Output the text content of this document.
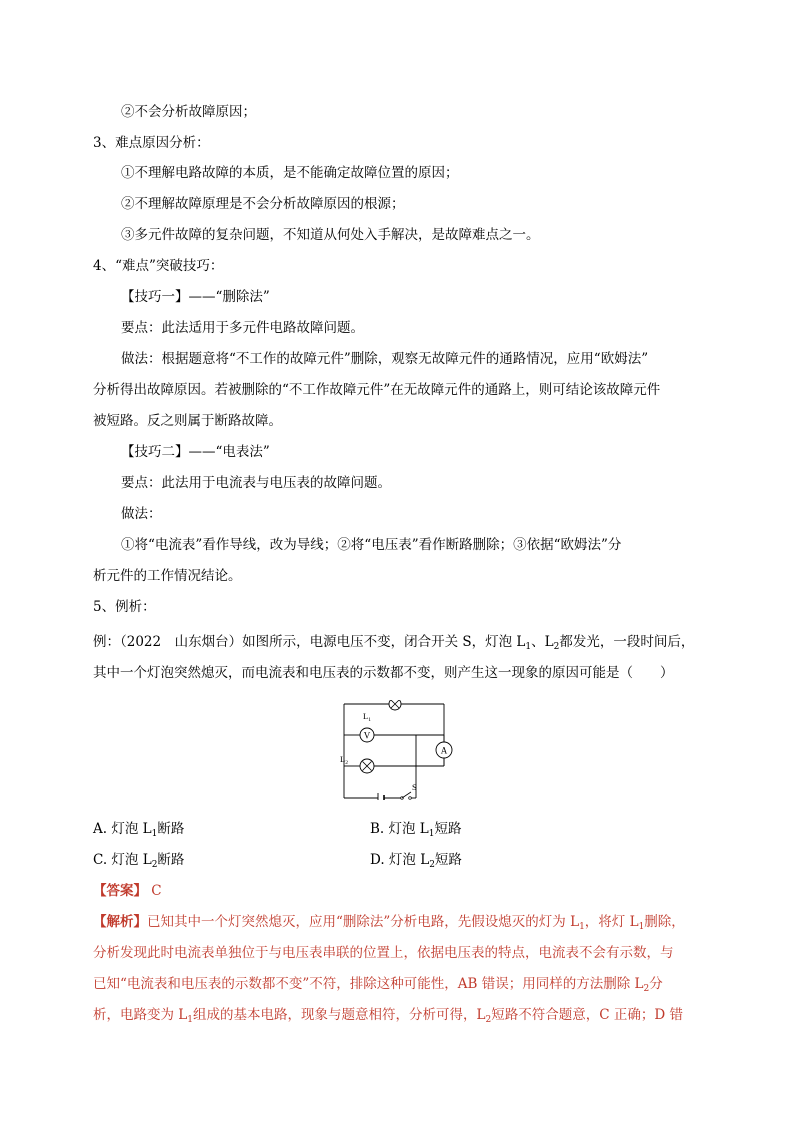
②不会分析故障原因；
3、难点原因分析：
①不理解电路故障的本质，是不能确定故障位置的原因；
②不理解故障原理是不会分析故障原因的根源；
③多元件故障的复杂问题，不知道从何处入手解决，是故障难点之一。
4、“难点”突破技巧：
【技巧一】——“删除法”
要点：此法适用于多元件电路故障问题。
做法：根据题意将“不工作的故障元件”删除，观察无故障元件的通路情况，应用“欧姆法”
分析得出故障原因。若被删除的“不工作故障元件”在无故障元件的通路上，则可结论该故障元件
被短路。反之则属于断路故障。
【技巧二】——“电表法”
要点：此法用于电流表与电压表的故障问题。
做法：
①将“电流表”看作导线，改为导线；②将“电压表”看作断路删除；③依据“欧姆法”分
析元件的工作情况结论。
5、例析：
例：（2022　山东烟台）如图所示，电源电压不变，闭合开关 S，灯泡 $L_1$、$L_2$都发光，一段时间后，
其中一个灯泡突然熄灭，而电流表和电压表的示数都不变，则产生这一现象的原因可能是（　　）
V
A
$L_1$
$L_2$
S
A. 灯泡 $L_1$断路	B. 灯泡 $L_1$短路
C. 灯泡 $L_2$断路	D. 灯泡 $L_2$短路
【答案】 C
【解析】已知其中一个灯突然熄灭，应用“删除法”分析电路，先假设熄灭的灯为 $L_1$，将灯 $L_1$删除，
分析发现此时电流表单独位于与电压表串联的位置上，依据电压表的特点，电流表不会有示数，与
已知“电流表和电压表的示数都不变”不符，排除这种可能性，AB 错误；用同样的方法删除 $L_2$分
析，电路变为 $L_1$组成的基本电路，现象与题意相符，分析可得，$L_2$短路不符合题意，C 正确；D 错
